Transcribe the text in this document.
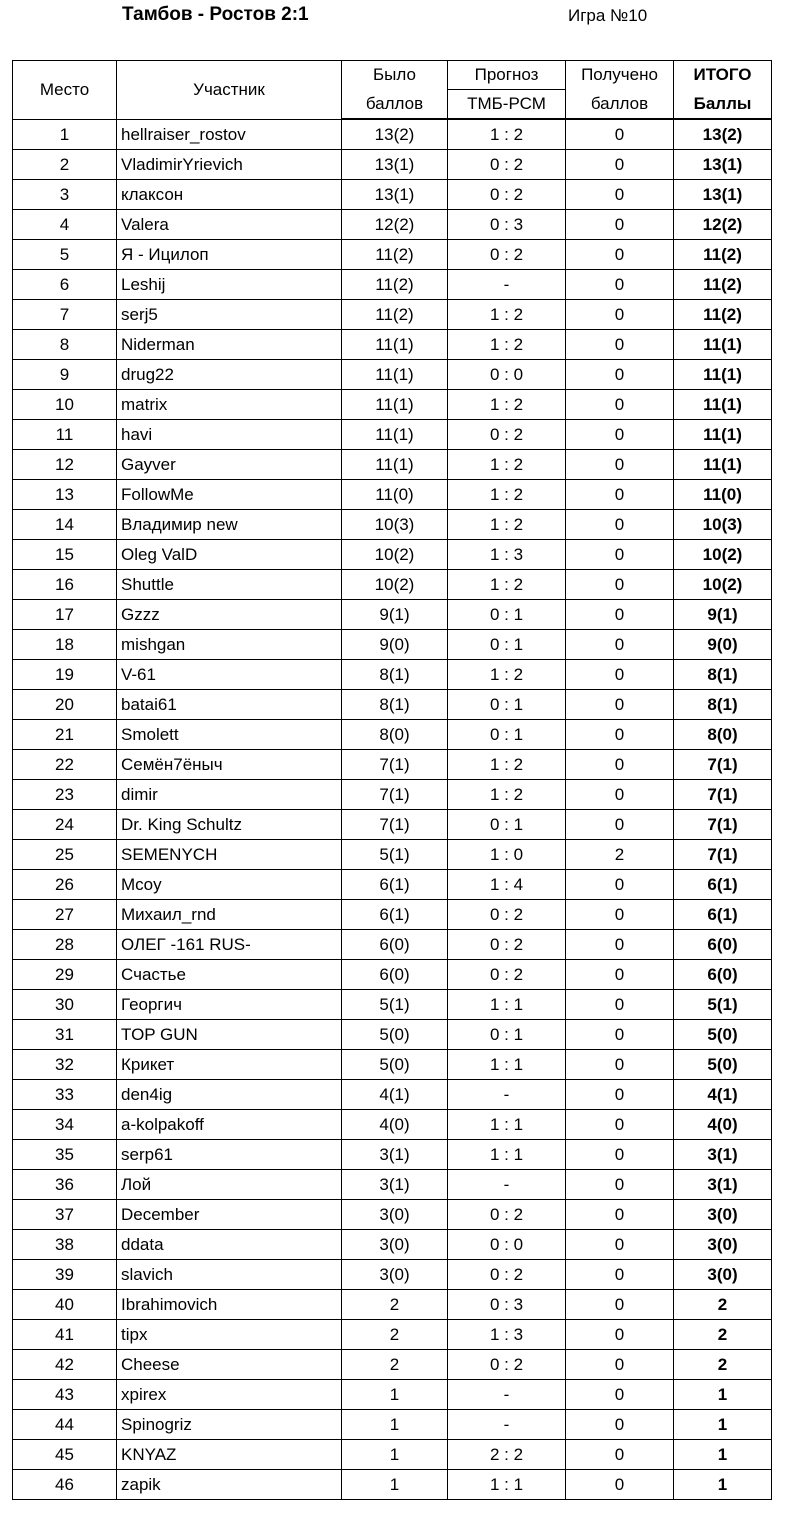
Тамбов - Ростов 2:1	Игра №10
Место	Участник	Было	Прогноз	Получено	ИТОГО
		баллов	ТМБ-РСМ	баллов	Баллы
1	hellraiser_rostov	13(2)	1 : 2	0	13(2)
2	VladimirYrievich	13(1)	0 : 2	0	13(1)
3	клаксон	13(1)	0 : 2	0	13(1)
4	Valera	12(2)	0 : 3	0	12(2)
5	Я - Ицилоп	11(2)	0 : 2	0	11(2)
6	Leshij	11(2)	-	0	11(2)
7	serj5	11(2)	1 : 2	0	11(2)
8	Niderman	11(1)	1 : 2	0	11(1)
9	drug22	11(1)	0 : 0	0	11(1)
10	matrix	11(1)	1 : 2	0	11(1)
11	havi	11(1)	0 : 2	0	11(1)
12	Gayver	11(1)	1 : 2	0	11(1)
13	FollowMe	11(0)	1 : 2	0	11(0)
14	Владимир new	10(3)	1 : 2	0	10(3)
15	Oleg ValD	10(2)	1 : 3	0	10(2)
16	Shuttle	10(2)	1 : 2	0	10(2)
17	Gzzz	9(1)	0 : 1	0	9(1)
18	mishgan	9(0)	0 : 1	0	9(0)
19	V-61	8(1)	1 : 2	0	8(1)
20	batai61	8(1)	0 : 1	0	8(1)
21	Smolett	8(0)	0 : 1	0	8(0)
22	Семён7ёныч	7(1)	1 : 2	0	7(1)
23	dimir	7(1)	1 : 2	0	7(1)
24	Dr. King Schultz	7(1)	0 : 1	0	7(1)
25	SEMENYCH	5(1)	1 : 0	2	7(1)
26	Mcoy	6(1)	1 : 4	0	6(1)
27	Михаил_rnd	6(1)	0 : 2	0	6(1)
28	ОЛЕГ -161 RUS-	6(0)	0 : 2	0	6(0)
29	Счастье	6(0)	0 : 2	0	6(0)
30	Георгич	5(1)	1 : 1	0	5(1)
31	TOP GUN	5(0)	0 : 1	0	5(0)
32	Крикет	5(0)	1 : 1	0	5(0)
33	den4ig	4(1)	-	0	4(1)
34	a-kolpakoff	4(0)	1 : 1	0	4(0)
35	serp61	3(1)	1 : 1	0	3(1)
36	Лой	3(1)	-	0	3(1)
37	December	3(0)	0 : 2	0	3(0)
38	ddata	3(0)	0 : 0	0	3(0)
39	slavich	3(0)	0 : 2	0	3(0)
40	Ibrahimovich	2	0 : 3	0	2
41	tipx	2	1 : 3	0	2
42	Cheese	2	0 : 2	0	2
43	xpirex	1	-	0	1
44	Spinogriz	1	-	0	1
45	KNYAZ	1	2 : 2	0	1
46	zapik	1	1 : 1	0	1
